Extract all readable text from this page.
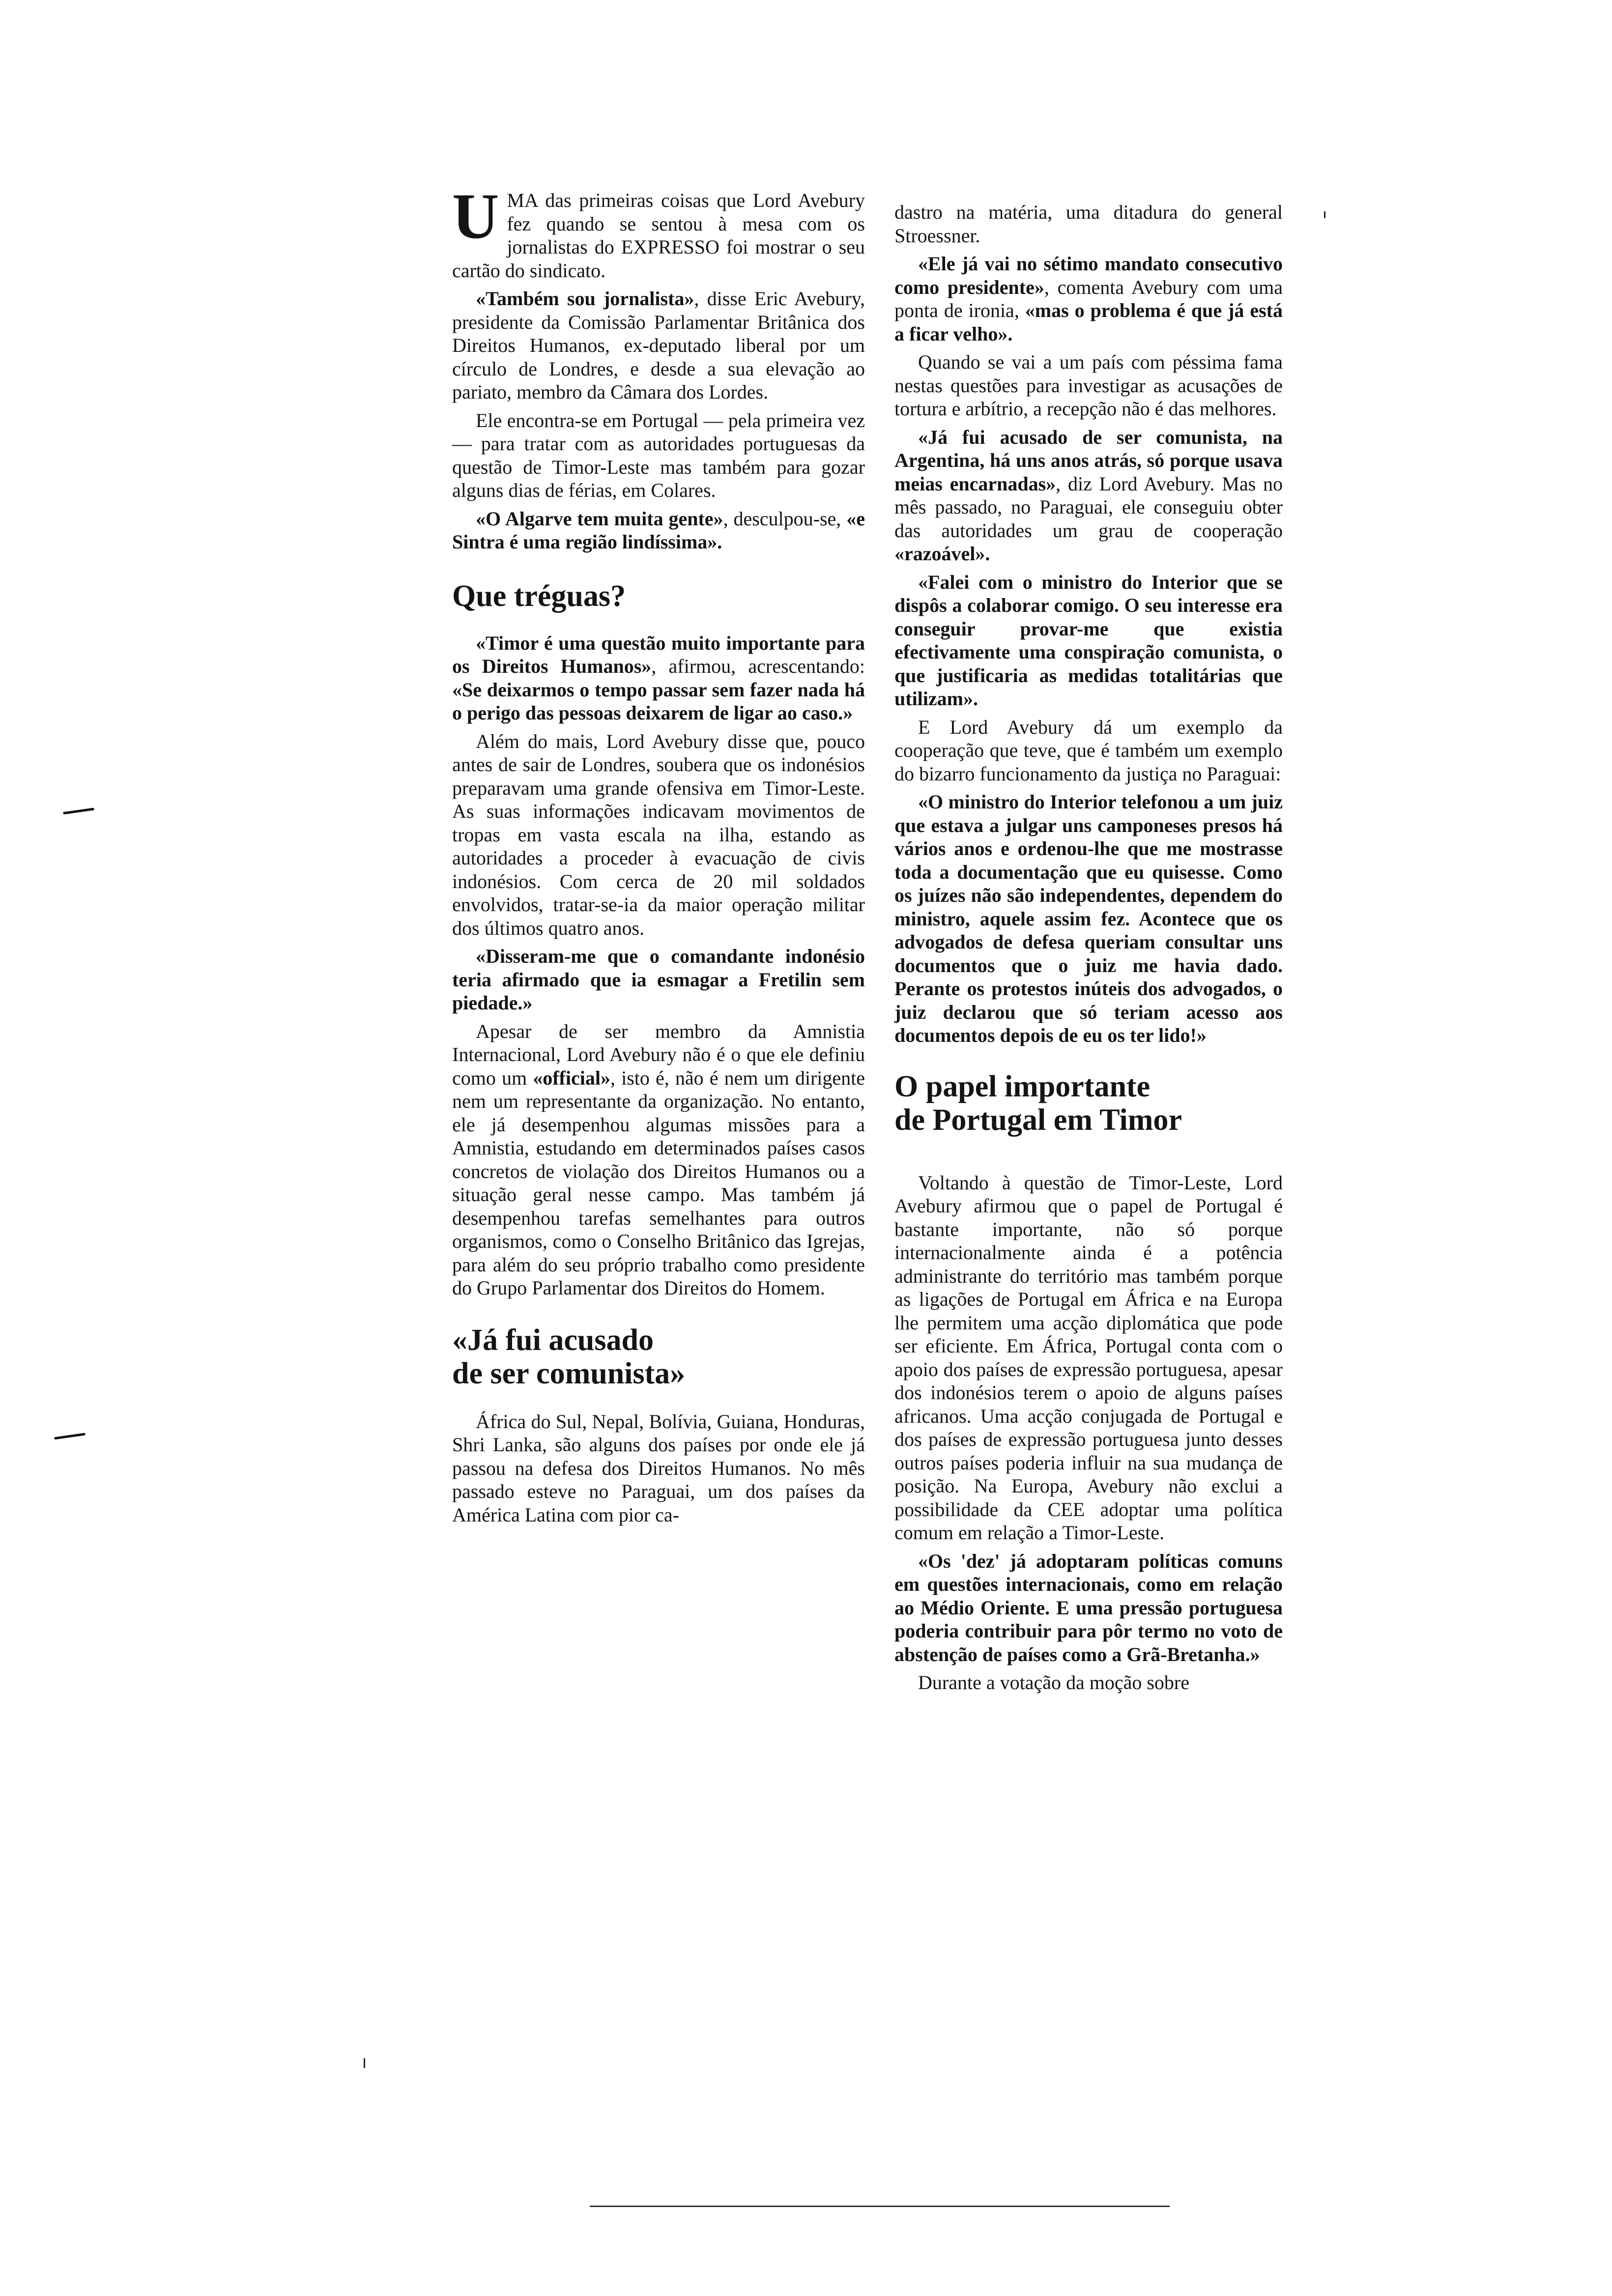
UMA das primeiras coisas que Lord Avebury fez quando se sentou à mesa com os jornalistas do EXPRESSO foi mostrar o seu cartão do sindicato.

«Também sou jornalista», disse Eric Avebury, presidente da Comissão Parlamentar Britânica dos Direitos Humanos, ex-deputado liberal por um círculo de Londres, e desde a sua elevação ao pariato, membro da Câmara dos Lordes.

Ele encontra-se em Portugal — pela primeira vez — para tratar com as autoridades portuguesas da questão de Timor-Leste mas também para gozar alguns dias de férias, em Colares.

«O Algarve tem muita gente», desculpou-se, «e Sintra é uma região lindíssima».

Que tréguas?

«Timor é uma questão muito importante para os Direitos Humanos», afirmou, acrescentando: «Se deixarmos o tempo passar sem fazer nada há o perigo das pessoas deixarem de ligar ao caso.»

Além do mais, Lord Avebury disse que, pouco antes de sair de Londres, soubera que os indonésios preparavam uma grande ofensiva em Timor-Leste. As suas informações indicavam movimentos de tropas em vasta escala na ilha, estando as autoridades a proceder à evacuação de civis indonésios. Com cerca de 20 mil soldados envolvidos, tratar-se-ia da maior operação militar dos últimos quatro anos.

«Disseram-me que o comandante indonésio teria afirmado que ia esmagar a Fretilin sem piedade.»

Apesar de ser membro da Amnistia Internacional, Lord Avebury não é o que ele definiu como um «official», isto é, não é nem um dirigente nem um representante da organização. No entanto, ele já desempenhou algumas missões para a Amnistia, estudando em determinados países casos concretos de violação dos Direitos Humanos ou a situação geral nesse campo. Mas também já desempenhou tarefas semelhantes para outros organismos, como o Conselho Britânico das Igrejas, para além do seu próprio trabalho como presidente do Grupo Parlamentar dos Direitos do Homem.

«Já fui acusado
de ser comunista»

África do Sul, Nepal, Bolívia, Guiana, Honduras, Shri Lanka, são alguns dos países por onde ele já passou na defesa dos Direitos Humanos. No mês passado esteve no Paraguai, um dos países da América Latina com pior ca-

dastro na matéria, uma ditadura do general Stroessner.

«Ele já vai no sétimo mandato consecutivo como presidente», comenta Avebury com uma ponta de ironia, «mas o problema é que já está a ficar velho».

Quando se vai a um país com péssima fama nestas questões para investigar as acusações de tortura e arbítrio, a recepção não é das melhores.

«Já fui acusado de ser comunista, na Argentina, há uns anos atrás, só porque usava meias encarnadas», diz Lord Avebury. Mas no mês passado, no Paraguai, ele conseguiu obter das autoridades um grau de cooperação «razoável».

«Falei com o ministro do Interior que se dispôs a colaborar comigo. O seu interesse era conseguir provar-me que existia efectivamente uma conspiração comunista, o que justificaria as medidas totalitárias que utilizam».

E Lord Avebury dá um exemplo da cooperação que teve, que é também um exemplo do bizarro funcionamento da justiça no Paraguai:

«O ministro do Interior telefonou a um juiz que estava a julgar uns camponeses presos há vários anos e ordenou-lhe que me mostrasse toda a documentação que eu quisesse. Como os juízes não são independentes, dependem do ministro, aquele assim fez. Acontece que os advogados de defesa queriam consultar uns documentos que o juiz me havia dado. Perante os protestos inúteis dos advogados, o juiz declarou que só teriam acesso aos documentos depois de eu os ter lido!»

O papel importante
de Portugal em Timor

Voltando à questão de Timor-Leste, Lord Avebury afirmou que o papel de Portugal é bastante importante, não só porque internacionalmente ainda é a potência administrante do território mas também porque as ligações de Portugal em África e na Europa lhe permitem uma acção diplomática que pode ser eficiente. Em África, Portugal conta com o apoio dos países de expressão portuguesa, apesar dos indonésios terem o apoio de alguns países africanos. Uma acção conjugada de Portugal e dos países de expressão portuguesa junto desses outros países poderia influir na sua mudança de posição. Na Europa, Avebury não exclui a possibilidade da CEE adoptar uma política comum em relação a Timor-Leste.

«Os 'dez' já adoptaram políticas comuns em questões internacionais, como em relação ao Médio Oriente. E uma pressão portuguesa poderia contribuir para pôr termo no voto de abstenção de países como a Grã-Bretanha.»

Durante a votação da moção sobre
